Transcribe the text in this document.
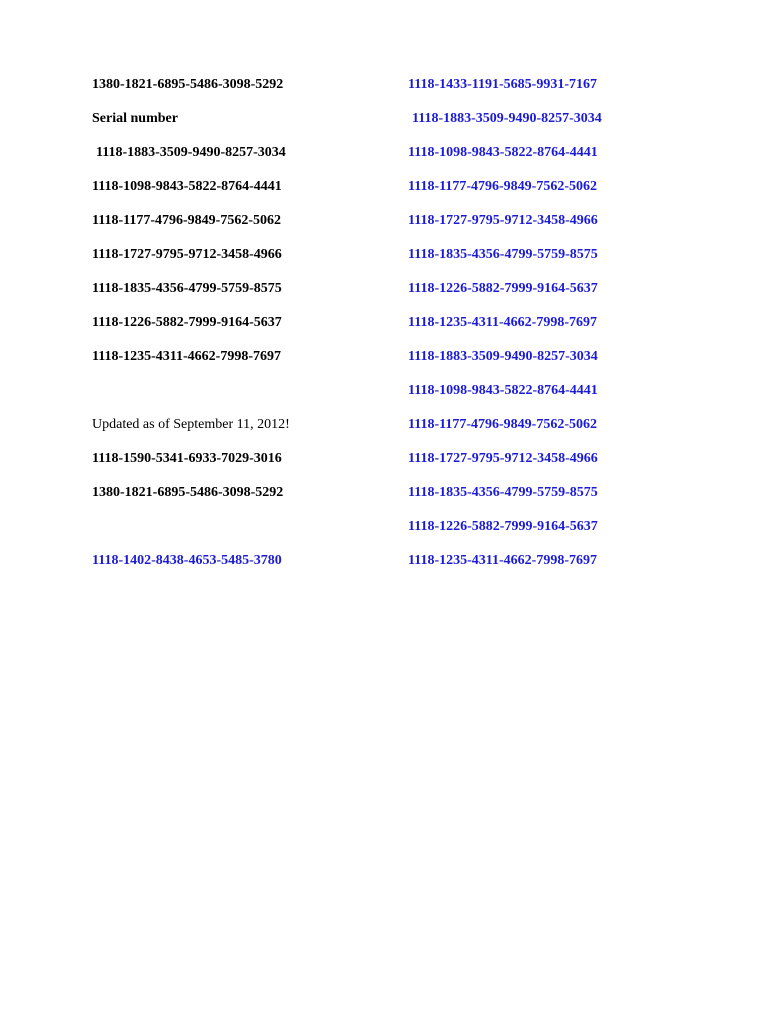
1380-1821-6895-5486-3098-5292
Serial number
1118-1883-3509-9490-8257-3034
1118-1098-9843-5822-8764-4441
1118-1177-4796-9849-7562-5062
1118-1727-9795-9712-3458-4966
1118-1835-4356-4799-5759-8575
1118-1226-5882-7999-9164-5637
1118-1235-4311-4662-7998-7697
Updated as of September 11, 2012!
1118-1590-5341-6933-7029-3016
1380-1821-6895-5486-3098-5292
1118-1402-8438-4653-5485-3780
1118-1433-1191-5685-9931-7167
1118-1883-3509-9490-8257-3034
1118-1098-9843-5822-8764-4441
1118-1177-4796-9849-7562-5062
1118-1727-9795-9712-3458-4966
1118-1835-4356-4799-5759-8575
1118-1226-5882-7999-9164-5637
1118-1235-4311-4662-7998-7697
1118-1883-3509-9490-8257-3034
1118-1098-9843-5822-8764-4441
1118-1177-4796-9849-7562-5062
1118-1727-9795-9712-3458-4966
1118-1835-4356-4799-5759-8575
1118-1226-5882-7999-9164-5637
1118-1235-4311-4662-7998-7697
